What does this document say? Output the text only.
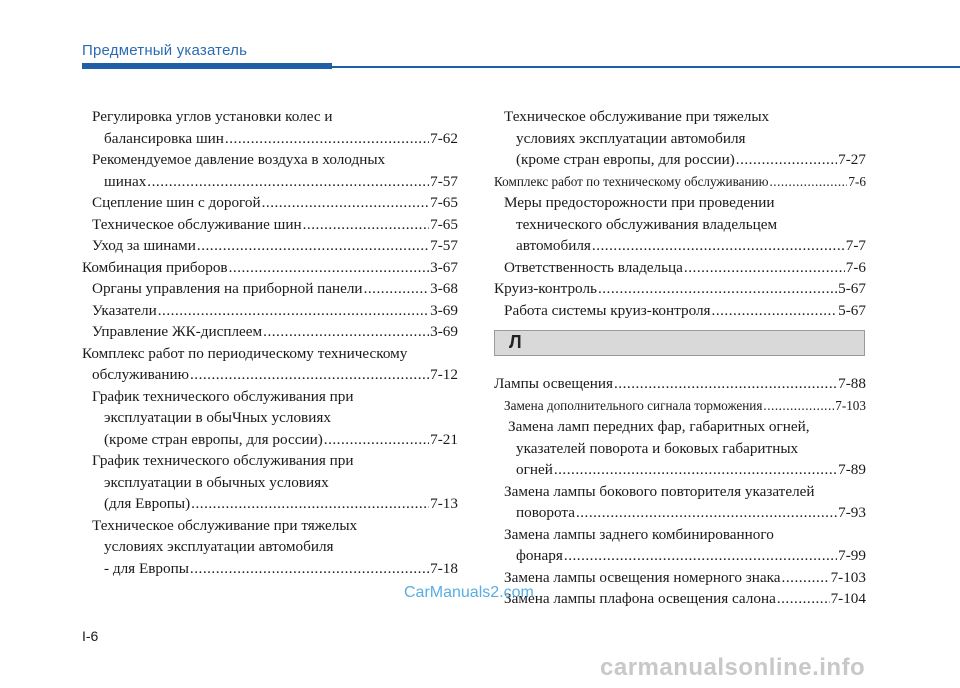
Предметный указатель
Регулировка углов установки колес и
балансировка шин .....	7-62
Рекомендуемое давление воздуха в холодных
шинах .....	7-57
Сцепление шин с дорогой .....	7-65
Техническое обслуживание шин .....	7-65
Уход за шинами .....	7-57
Комбинация приборов .....	3-67
Органы управления на приборной панели .....	3-68
Указатели .....	3-69
Управление ЖК-дисплеем .....	3-69
Комплекс работ по периодическому техническому
обслуживанию .....	7-12
График технического обслуживания при
эксплуатации в обыЧных условиях
(кроме стран европы, для россии) .....	7-21
График технического обслуживания при
эксплуатации в обычных условиях
(для Европы) .....	7-13
Техническое обслуживание при тяжелых
условиях эксплуатации автомобиля
- для Европы .....	7-18
Техническое обслуживание при тяжелых
условиях эксплуатации автомобиля
(кроме стран европы, для россии) .....	7-27
Комплекс работ по техническому обслуживанию .....	7-6
Меры предосторожности при проведении
технического обслуживания владельцем
автомобиля .....	7-7
Ответственность владельца .....	7-6
Круиз-контроль .....	5-67
Работа системы круиз-контроля .....	5-67
Л
Лампы освещения .....	7-88
Замена дополнительного сигнала торможения .....	7-103
Замена ламп передних фар, габаритных огней,
указателей поворота и боковых габаритных
огней .....	7-89
Замена лампы бокового повторителя указателей
поворота .....	7-93
Замена лампы заднего комбинированного
фонаря .....	7-99
Замена лампы освещения номерного знака .....	7-103
Замена лампы плафона освещения салона .....	7-104
CarManuals2.com
I-6
carmanualsonline.info
